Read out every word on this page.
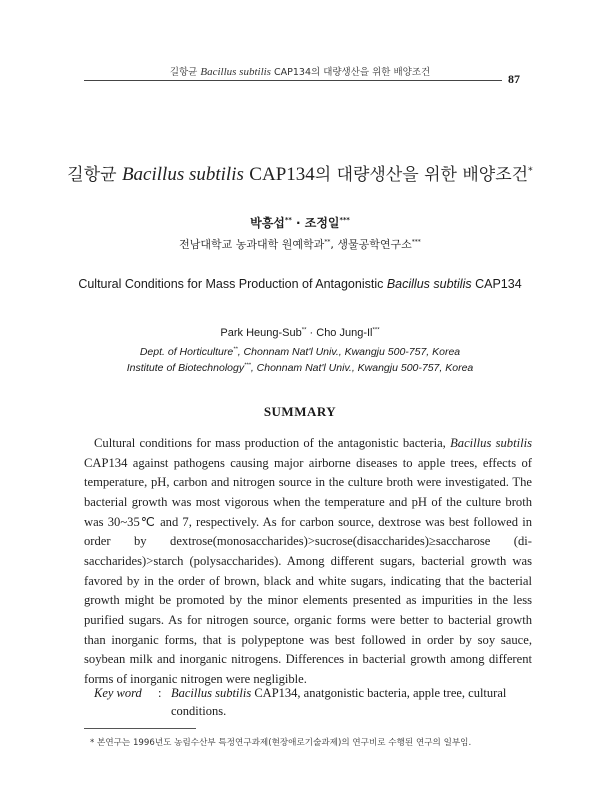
길항균 Bacillus subtilis CAP134의 대량생산을 위한 배양조건	87
길항균 Bacillus subtilis CAP134의 대량생산을 위한 배양조건*
박흥섭** · 조정일***
전남대학교 농과대학 원예학과**, 생물공학연구소***
Cultural Conditions for Mass Production of Antagonistic Bacillus subtilis CAP134
Park Heung-Sub** · Cho Jung-Il***
Dept. of Horticulture**, Chonnam Nat'l Univ., Kwangju 500-757, Korea
Institute of Biotechnology***, Chonnam Nat'l Univ., Kwangju 500-757, Korea
SUMMARY

Cultural conditions for mass production of the antagonistic bacteria, Bacillus subtilis CAP134 against pathogens causing major airborne diseases to apple trees, effects of temperature, pH, carbon and nitrogen source in the culture broth were investigated. The bacterial growth was most vigorous when the temperature and pH of the culture broth was 30~35℃ and 7, respectively. As for carbon source, dextrose was best followed in order by dextrose(monosaccharides)>sucrose(disaccharides)≥saccharose (di-saccharides)>starch (polysaccharides). Among different sugars, bacterial growth was favored by in the order of brown, black and white sugars, indicating that the bacterial growth might be promoted by the minor elements presented as impurities in the less purified sugars. As for nitrogen source, organic forms were better to bacterial growth than inorganic forms, that is polypeptone was best followed in order by soy sauce, soybean milk and inorganic nitrogens. Differences in bacterial growth among different forms of inorganic nitrogen were negligible.

Key word : Bacillus subtilis CAP134, anatgonistic bacteria, apple tree, cultural conditions.
* 본연구는 1996년도 농림수산부 특정연구과제(현장애로기술과제)의 연구비로 수행된 연구의 일부임.
